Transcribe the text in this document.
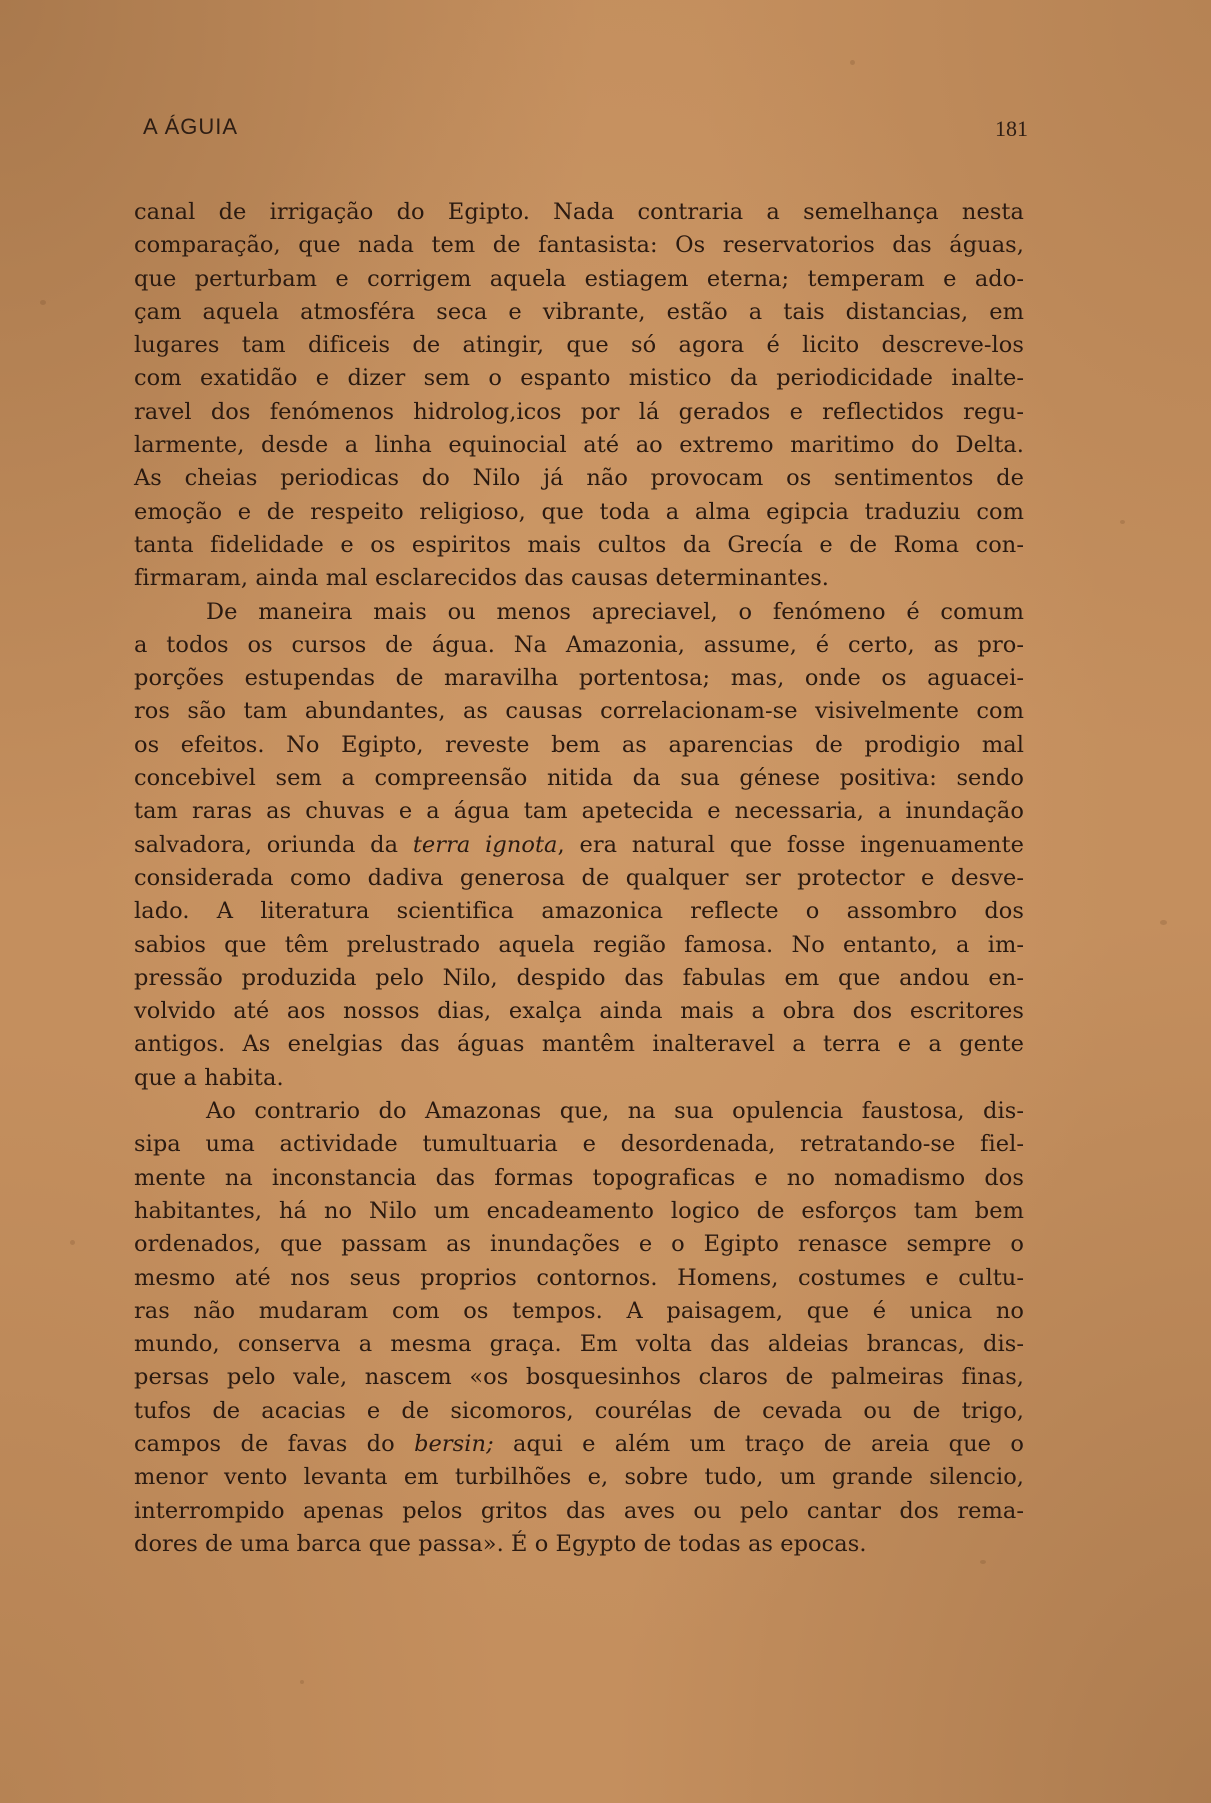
A ÁGUIA	181
canal de irrigação do Egipto. Nada contraria a semelhança nesta
comparação, que nada tem de fantasista: Os reservatorios das águas,
que perturbam e corrigem aquela estiagem eterna; temperam e ado-
çam aquela atmosféra seca e vibrante, estão a tais distancias, em
lugares tam dificeis de atingir, que só agora é licito descreve-los
com exatidão e dizer sem o espanto mistico da periodicidade inalte-
ravel dos fenómenos hidrolog,icos por lá gerados e reflectidos regu-
larmente, desde a linha equinocial até ao extremo maritimo do Delta.
As cheias periodicas do Nilo já não provocam os sentimentos de
emoção e de respeito religioso, que toda a alma egipcia traduziu com
tanta fidelidade e os espiritos mais cultos da Grecía e de Roma con-
firmaram, ainda mal esclarecidos das causas determinantes.
De maneira mais ou menos apreciavel, o fenómeno é comum
a todos os cursos de água. Na Amazonia, assume, é certo, as pro-
porções estupendas de maravilha portentosa; mas, onde os aguacei-
ros são tam abundantes, as causas correlacionam-se visivelmente com
os efeitos. No Egipto, reveste bem as aparencias de prodigio mal
concebivel sem a compreensão nitida da sua génese positiva: sendo
tam raras as chuvas e a água tam apetecida e necessaria, a inundação
salvadora, oriunda da terra ignota, era natural que fosse ingenuamente
considerada como dadiva generosa de qualquer ser protector e desve-
lado. A literatura scientifica amazonica reflecte o assombro dos
sabios que têm prelustrado aquela região famosa. No entanto, a im-
pressão produzida pelo Nilo, despido das fabulas em que andou en-
volvido até aos nossos dias, exalça ainda mais a obra dos escritores
antigos. As enelgias das águas mantêm inalteravel a terra e a gente
que a habita.
Ao contrario do Amazonas que, na sua opulencia faustosa, dis-
sipa uma actividade tumultuaria e desordenada, retratando-se fiel-
mente na inconstancia das formas topograficas e no nomadismo dos
habitantes, há no Nilo um encadeamento logico de esforços tam bem
ordenados, que passam as inundações e o Egipto renasce sempre o
mesmo até nos seus proprios contornos. Homens, costumes e cultu-
ras não mudaram com os tempos. A paisagem, que é unica no
mundo, conserva a mesma graça. Em volta das aldeias brancas, dis-
persas pelo vale, nascem «os bosquesinhos claros de palmeiras finas,
tufos de acacias e de sicomoros, courélas de cevada ou de trigo,
campos de favas do bersin; aqui e além um traço de areia que o
menor vento levanta em turbilhões e, sobre tudo, um grande silencio,
interrompido apenas pelos gritos das aves ou pelo cantar dos rema-
dores de uma barca que passa». É o Egypto de todas as epocas.
